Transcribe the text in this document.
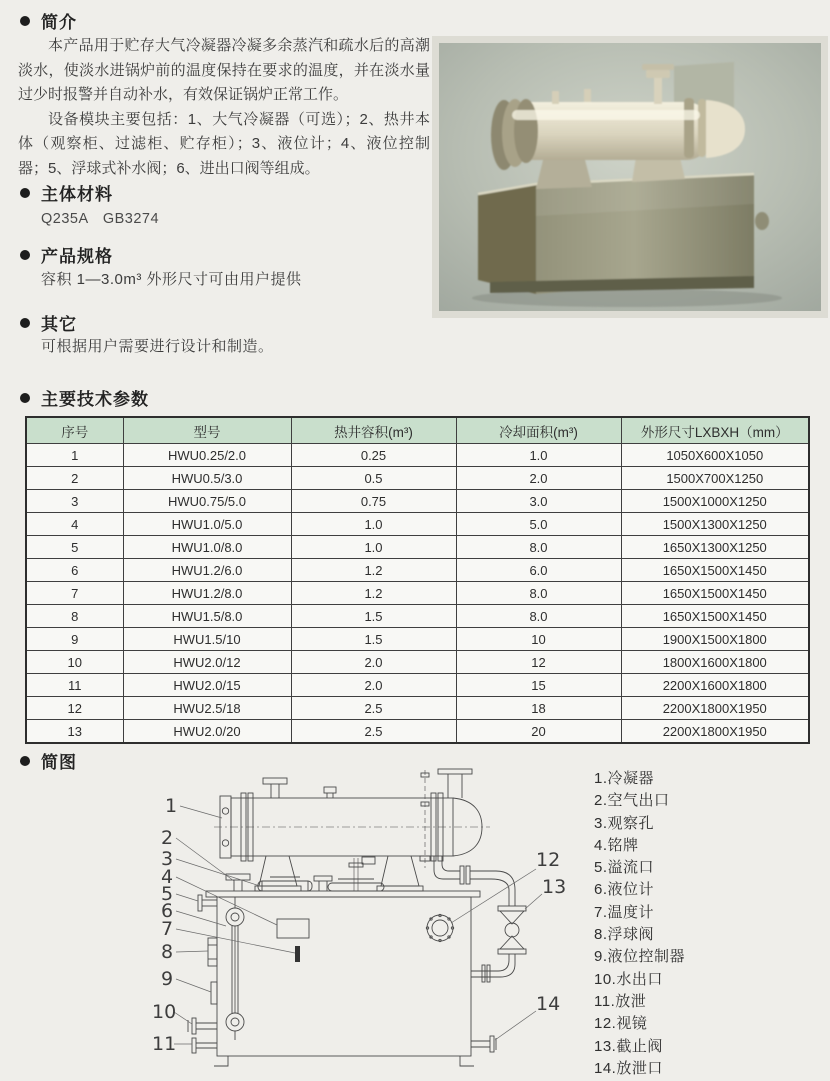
简介

本产品用于贮存大气冷凝器冷凝多余蒸汽和疏水后的高潮淡水，使淡水进锅炉前的温度保持在要求的温度，并在淡水量过少时报警并自动补水，有效保证锅炉正常工作。

设备模块主要包括：1、大气冷凝器（可选）；2、热井本体（观察柜、过滤柜、贮存柜）；3、液位计；4、液位控制器；5、浮球式补水阀；6、进出口阀等组成。

主体材料
Q235A　GB3274
产品规格
容积 1—3.0m³ 外形尺寸可由用户提供
其它
可根据用户需要进行设计和制造。
主要技术参数
序号	型号	热井容积(m³)	冷却面积(m³)	外形尺寸LXBXH（mm）
1	HWU0.25/2.0	0.25	1.0	1050X600X1050
2	HWU0.5/3.0	0.5	2.0	1500X700X1250
3	HWU0.75/5.0	0.75	3.0	1500X1000X1250
4	HWU1.0/5.0	1.0	5.0	1500X1300X1250
5	HWU1.0/8.0	1.0	8.0	1650X1300X1250
6	HWU1.2/6.0	1.2	6.0	1650X1500X1450
7	HWU1.2/8.0	1.2	8.0	1650X1500X1450
8	HWU1.5/8.0	1.5	8.0	1650X1500X1450
9	HWU1.5/10	1.5	10	1900X1500X1800
10	HWU2.0/12	2.0	12	1800X1600X1800
11	HWU2.0/15	2.0	15	2200X1600X1800
12	HWU2.5/18	2.5	18	2200X1800X1950
13	HWU2.0/20	2.5	20	2200X1800X1950
简图
1
2
3
4
5
6
7
8
9
10
11
12
13
14
1.冷凝器
2.空气出口
3.观察孔
4.铭牌
5.溢流口
6.液位计
7.温度计
8.浮球阀
9.液位控制器
10.水出口
11.放泄
12.视镜
13.截止阀
14.放泄口
